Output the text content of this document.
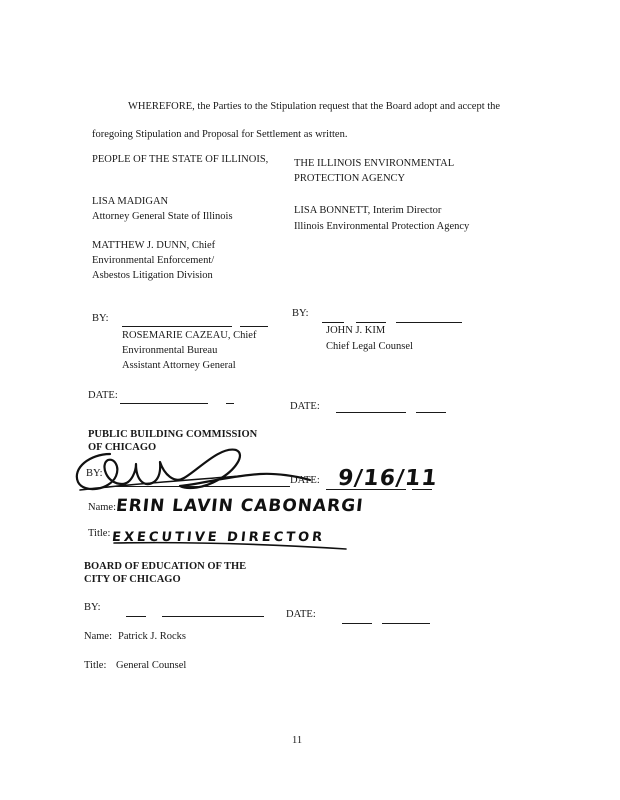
WHEREFORE, the Parties to the Stipulation request that the Board adopt and accept the
foregoing Stipulation and Proposal for Settlement as written.
PEOPLE OF THE STATE OF ILLINOIS,
LISA MADIGAN
Attorney General State of Illinois
MATTHEW J. DUNN, Chief
Environmental Enforcement/
Asbestos Litigation Division
BY:
ROSEMARIE CAZEAU, Chief
Environmental Bureau
Assistant Attorney General
DATE:
THE ILLINOIS ENVIRONMENTAL
PROTECTION AGENCY
LISA BONNETT, Interim Director
Illinois Environmental Protection Agency
BY:
JOHN J. KIM
Chief Legal Counsel
DATE:
PUBLIC BUILDING COMMISSION
OF CHICAGO
BY:
DATE: 9/16/11
Name:
ERIN LAVIN CABONARGI
Title: EXECUTIVE DIRECTOR
BOARD OF EDUCATION OF THE
CITY OF CHICAGO
BY:
DATE:
Name: Patrick J. Rocks
Title: General Counsel
11
